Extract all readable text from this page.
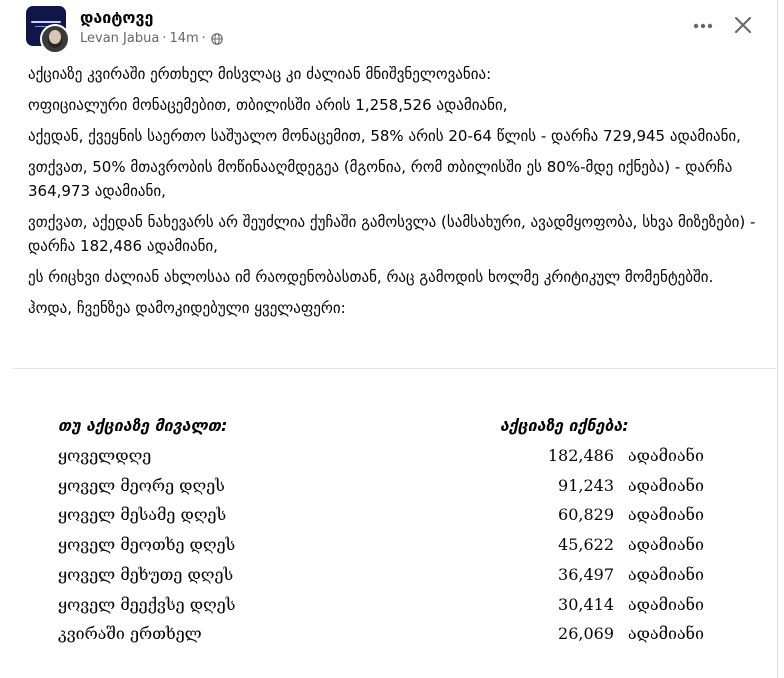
დაიტოვე
Levan Jabua · 14m ·

აქციაზე კვირაში ერთხელ მისვლაც კი ძალიან მნიშვნელოვანია:

ოფიციალური მონაცემებით, თბილისში არის 1,258,526 ადამიანი,

აქედან, ქვეყნის საერთო საშუალო მონაცემით, 58% არის 20-64 წლის - დარჩა 729,945 ადამიანი,

ვთქვათ, 50% მთავრობის მოწინააღმდეგეა (მგონია, რომ თბილისში ეს 80%-მდე იქნება) - დარჩა 364,973 ადამიანი,

ვთქვათ, აქედან ნახევარს არ შეუძლია ქუჩაში გამოსვლა (სამსახური, ავადმყოფობა, სხვა მიზეზები) - დარჩა 182,486 ადამიანი,

ეს რიცხვი ძალიან ახლოსაა იმ რაოდენობასთან, რაც გამოდის ხოლმე კრიტიკულ მომენტებში.

ჰოდა, ჩვენზეა დამოკიდებული ყველაფერი:

თუ აქციაზე მივალთ:	აქციაზე იქნება:
ყოველდღე	182,486 ადამიანი
ყოველ მეორე დღეს	91,243 ადამიანი
ყოველ მესამე დღეს	60,829 ადამიანი
ყოველ მეოთხე დღეს	45,622 ადამიანი
ყოველ მეხუთე დღეს	36,497 ადამიანი
ყოველ მეექვსე დღეს	30,414 ადამიანი
კვირაში ერთხელ	26,069 ადამიანი
